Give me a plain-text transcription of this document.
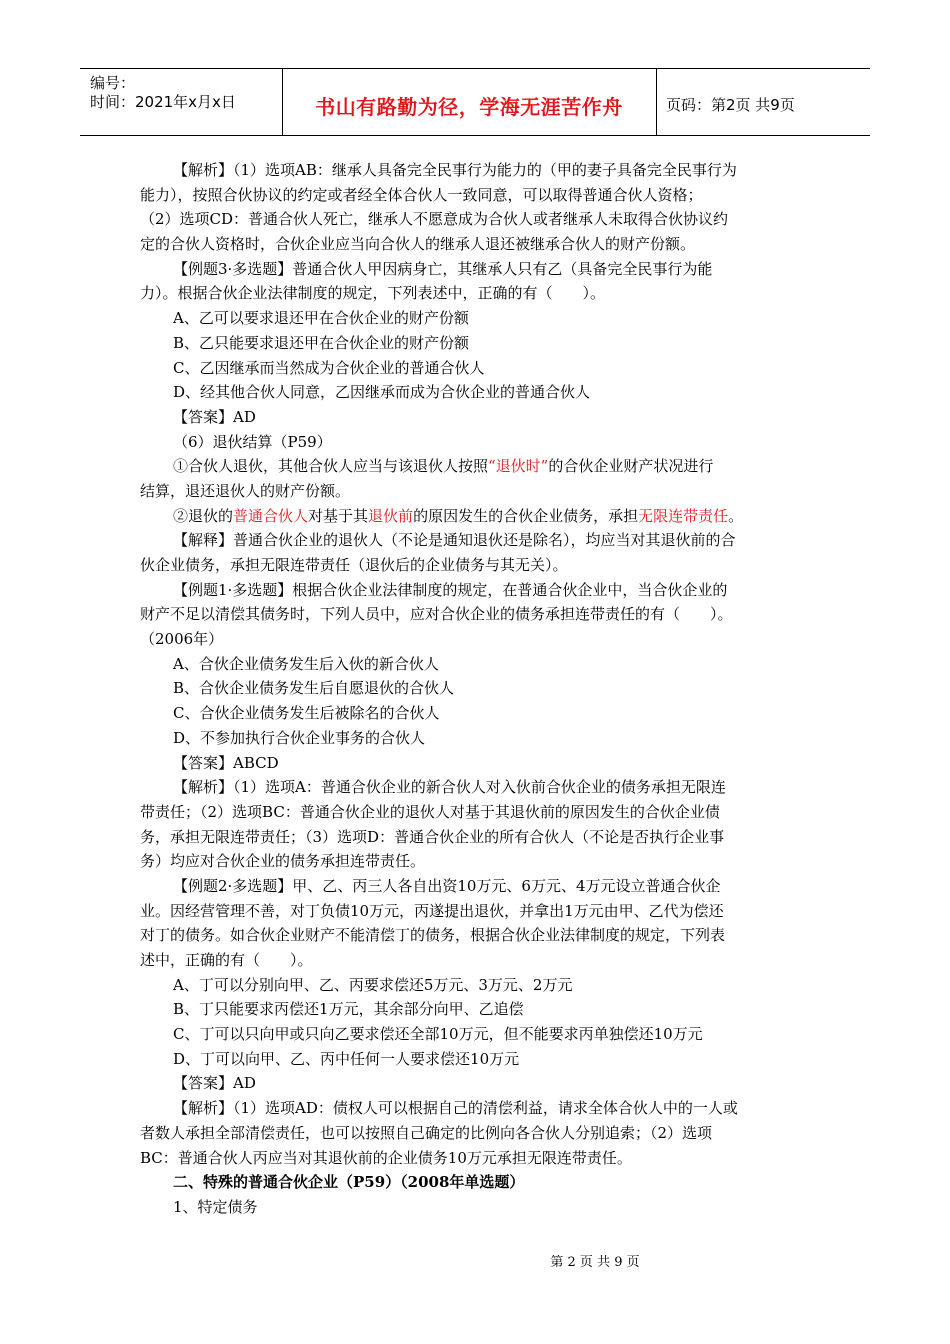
编号：
时间：2021年x月x日	书山有路勤为径，学海无涯苦作舟	页码：第2页 共9页

【解析】（1）选项AB：继承人具备完全民事行为能力的（甲的妻子具备完全民事行为

能力），按照合伙协议的约定或者经全体合伙人一致同意，可以取得普通合伙人资格；

（2）选项CD：普通合伙人死亡，继承人不愿意成为合伙人或者继承人未取得合伙协议约

定的合伙人资格时，合伙企业应当向合伙人的继承人退还被继承合伙人的财产份额。

【例题3·多选题】普通合伙人甲因病身亡，其继承人只有乙（具备完全民事行为能

力）。根据合伙企业法律制度的规定，下列表述中，正确的有（　　）。

A、乙可以要求退还甲在合伙企业的财产份额

B、乙只能要求退还甲在合伙企业的财产份额

C、乙因继承而当然成为合伙企业的普通合伙人

D、经其他合伙人同意，乙因继承而成为合伙企业的普通合伙人

【答案】AD

（6）退伙结算（P59）

①合伙人退伙，其他合伙人应当与该退伙人按照“退伙时”的合伙企业财产状况进行

结算，退还退伙人的财产份额。

②退伙的普通合伙人对基于其退伙前的原因发生的合伙企业债务，承担无限连带责任。

【解释】普通合伙企业的退伙人（不论是通知退伙还是除名），均应当对其退伙前的合

伙企业债务，承担无限连带责任（退伙后的企业债务与其无关）。

【例题1·多选题】根据合伙企业法律制度的规定，在普通合伙企业中，当合伙企业的

财产不足以清偿其债务时，下列人员中，应对合伙企业的债务承担连带责任的有（　　）。

（2006年）

A、合伙企业债务发生后入伙的新合伙人

B、合伙企业债务发生后自愿退伙的合伙人

C、合伙企业债务发生后被除名的合伙人

D、不参加执行合伙企业事务的合伙人

【答案】ABCD

【解析】（1）选项A：普通合伙企业的新合伙人对入伙前合伙企业的债务承担无限连

带责任；（2）选项BC：普通合伙企业的退伙人对基于其退伙前的原因发生的合伙企业债

务，承担无限连带责任；（3）选项D：普通合伙企业的所有合伙人（不论是否执行企业事

务）均应对合伙企业的债务承担连带责任。

【例题2·多选题】甲、乙、丙三人各自出资10万元、6万元、4万元设立普通合伙企

业。因经营管理不善，对丁负债10万元，丙遂提出退伙，并拿出1万元由甲、乙代为偿还

对丁的债务。如合伙企业财产不能清偿丁的债务，根据合伙企业法律制度的规定，下列表

述中，正确的有（　　）。

A、丁可以分别向甲、乙、丙要求偿还5万元、3万元、2万元

B、丁只能要求丙偿还1万元，其余部分向甲、乙追偿

C、丁可以只向甲或只向乙要求偿还全部10万元，但不能要求丙单独偿还10万元

D、丁可以向甲、乙、丙中任何一人要求偿还10万元

【答案】AD

【解析】（1）选项AD：债权人可以根据自己的清偿利益，请求全体合伙人中的一人或

者数人承担全部清偿责任，也可以按照自己确定的比例向各合伙人分别追索；（2）选项

BC：普通合伙人丙应当对其退伙前的企业债务10万元承担无限连带责任。

二、特殊的普通合伙企业（P59）（2008年单选题）

1、特定债务

第 2 页 共 9 页
